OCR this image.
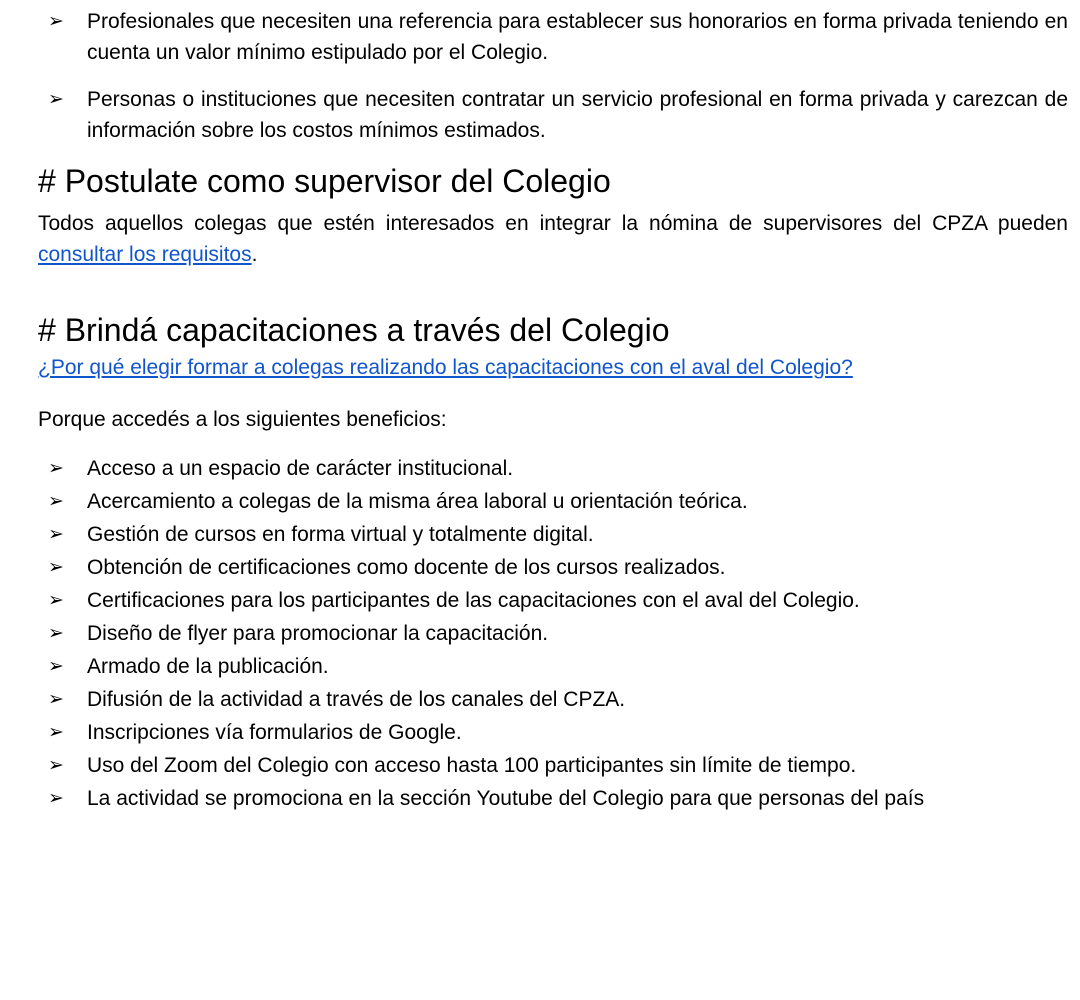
➢ Profesionales que necesiten una referencia para establecer sus honorarios en forma privada teniendo en cuenta un valor mínimo estipulado por el Colegio.
➢ Personas o instituciones que necesiten contratar un servicio profesional en forma privada y carezcan de información sobre los costos mínimos estimados.
# Postulate como supervisor del Colegio

Todos aquellos colegas que estén interesados en integrar la nómina de supervisores del CPZA pueden consultar los requisitos.

# Brindá capacitaciones a través del Colegio

¿Por qué elegir formar a colegas realizando las capacitaciones con el aval del Colegio?

Porque accedés a los siguientes beneficios:

➢ Acceso a un espacio de carácter institucional.
➢ Acercamiento a colegas de la misma área laboral u orientación teórica.
➢ Gestión de cursos en forma virtual y totalmente digital.
➢ Obtención de certificaciones como docente de los cursos realizados.
➢ Certificaciones para los participantes de las capacitaciones con el aval del Colegio.
➢ Diseño de flyer para promocionar la capacitación.
➢ Armado de la publicación.
➢ Difusión de la actividad a través de los canales del CPZA.
➢ Inscripciones vía formularios de Google.
➢ Uso del Zoom del Colegio con acceso hasta 100 participantes sin límite de tiempo.
➢ La actividad se promociona en la sección Youtube del Colegio para que personas del país
